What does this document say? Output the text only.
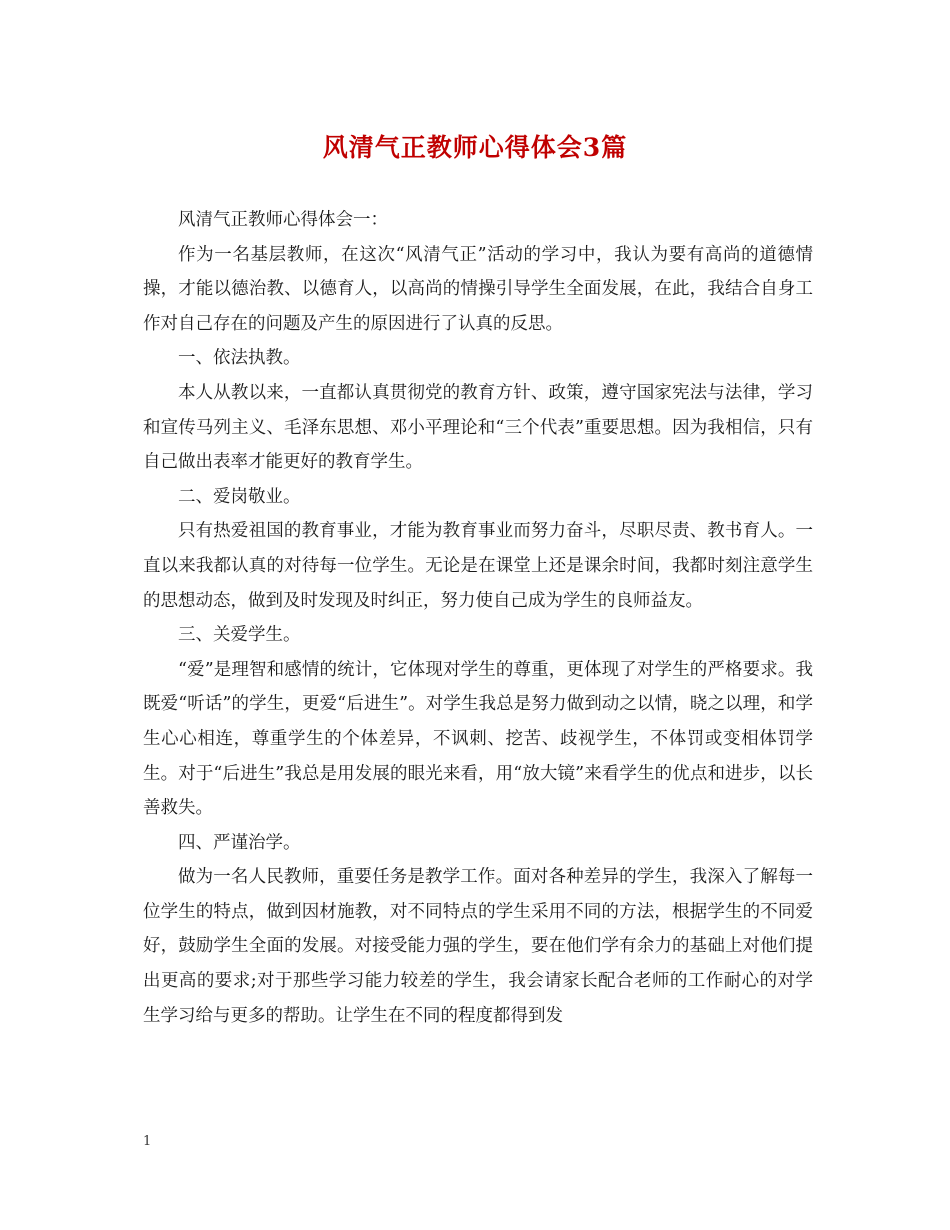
风清气正教师心得体会3篇

风清气正教师心得体会一：

作为一名基层教师，在这次“风清气正”活动的学习中，我认为要有高尚的道德情操，才能以德治教、以德育人，以高尚的情操引导学生全面发展，在此，我结合自身工作对自己存在的问题及产生的原因进行了认真的反思。

一、依法执教。

本人从教以来，一直都认真贯彻党的教育方针、政策，遵守国家宪法与法律，学习和宣传马列主义、毛泽东思想、邓小平理论和“三个代表”重要思想。因为我相信，只有自己做出表率才能更好的教育学生。

二、爱岗敬业。

只有热爱祖国的教育事业，才能为教育事业而努力奋斗，尽职尽责、教书育人。一直以来我都认真的对待每一位学生。无论是在课堂上还是课余时间，我都时刻注意学生的思想动态，做到及时发现及时纠正，努力使自己成为学生的良师益友。

三、关爱学生。

“爱”是理智和感情的统计，它体现对学生的尊重，更体现了对学生的严格要求。我既爱“听话”的学生，更爱“后进生”。对学生我总是努力做到动之以情，晓之以理，和学生心心相连，尊重学生的个体差异，不讽刺、挖苦、歧视学生，不体罚或变相体罚学生。对于“后进生”我总是用发展的眼光来看，用“放大镜”来看学生的优点和进步，以长善救失。

四、严谨治学。

做为一名人民教师，重要任务是教学工作。面对各种差异的学生，我深入了解每一位学生的特点，做到因材施教，对不同特点的学生采用不同的方法，根据学生的不同爱好，鼓励学生全面的发展。对接受能力强的学生，要在他们学有余力的基础上对他们提出更高的要求;对于那些学习能力较差的学生，我会请家长配合老师的工作耐心的对学生学习给与更多的帮助。让学生在不同的程度都得到发

1
